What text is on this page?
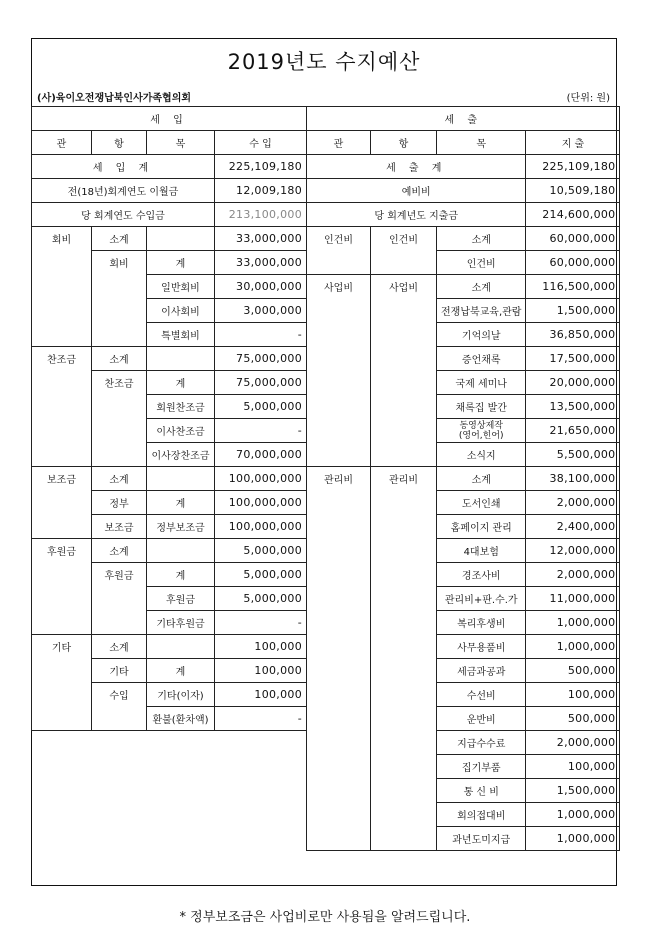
2019년도 수지예산
(사)육이오전쟁납북인사가족협의회	(단위: 원)
세 입			
관	항	목	수 입
세 입 계			225,109,180
전(18년)회계연도 이월금			12,009,180
당 회계연도 수입금			213,100,000
회비	소계		33,000,000
	회비	계	33,000,000
		일반회비	30,000,000
		이사회비	3,000,000
		특별회비	-
찬조금	소계		75,000,000
	찬조금	계	75,000,000
		회원찬조금	5,000,000
		이사찬조금	-
		이사장찬조금	70,000,000
보조금	소계		100,000,000
	정부	계	100,000,000
	보조금	정부보조금	100,000,000
후원금	소계		5,000,000
	후원금	계	5,000,000
		후원금	5,000,000
		기타후원금	-
기타	소계		100,000
	기타	계	100,000
	수입	기타(이자)	100,000
		환불(환차액)	-
세 출			
관	항	목	지 출
세 출 계			225,109,180
예비비			10,509,180
당 회계년도 지출금			214,600,000
인건비	인건비	소계	60,000,000
		인건비	60,000,000
사업비	사업비	소계	116,500,000
		전쟁납북교육,관람	1,500,000
		기억의날	36,850,000
		증언채록	17,500,000
		국제 세미나	20,000,000
		채록집 발간	13,500,000
		동영상제작
(영어,힌어)	21,650,000
		소식지	5,500,000
관리비	관리비	소계	38,100,000
		도서인쇄	2,000,000
		홈페이지 관리	2,400,000
		4대보험	12,000,000
		경조사비	2,000,000
		관리비+판.수.가	11,000,000
		복리후생비	1,000,000
		사무용품비	1,000,000
		세금과공과	500,000
		수선비	100,000
		운반비	500,000
		지급수수료	2,000,000
		집기부품	100,000
		통 신 비	1,500,000
		회의접대비	1,000,000
		과년도미지급	1,000,000
* 정부보조금은 사업비로만 사용됨을 알려드립니다.
